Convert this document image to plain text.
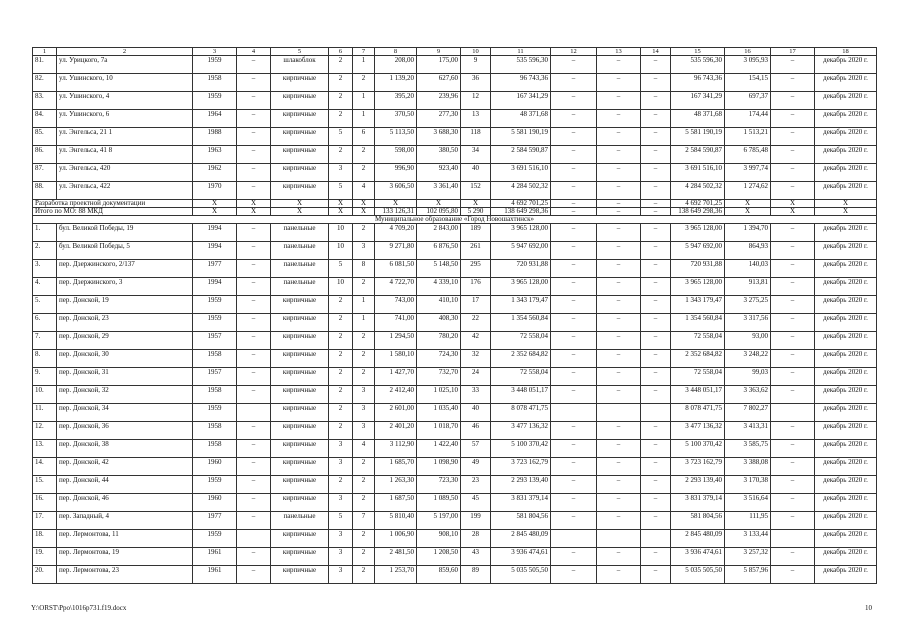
1	2	3	4	5	6	7	8	9	10	11	12	13	14	15	16	17	18
81.	ул. Урицкого, 7а	1959	–	шлакоблок	2	1	208,00	175,00	9	535 596,30	–	–	–	535 596,30	3 095,93	–	декабрь 2020 г.
82.	ул. Ушинского, 10	1958	–	кирпичные	2	2	1 139,20	627,60	36	96 743,36	–	–	–	96 743,36	154,15	–	декабрь 2020 г.
83.	ул. Ушинского, 4	1959	–	кирпичные	2	1	395,20	239,96	12	167 341,29	–	–	–	167 341,29	697,37	–	декабрь 2020 г.
84.	ул. Ушинского, 6	1964	–	кирпичные	2	1	370,50	277,30	13	48 371,68	–	–	–	48 371,68	174,44	–	декабрь 2020 г.
85.	ул. Энгельса, 21 1	1988	–	кирпичные	5	6	5 113,50	3 688,30	118	5 581 190,19	–	–	–	5 581 190,19	1 513,21	–	декабрь 2020 г.
86.	ул. Энгельса, 41 8	1963	–	кирпичные	2	2	598,00	380,50	34	2 584 590,87	–	–	–	2 584 590,87	6 785,48	–	декабрь 2020 г.
87.	ул. Энгельса, 420	1962	–	кирпичные	3	2	996,90	923,40	40	3 691 516,10	–	–	–	3 691 516,10	3 997,74	–	декабрь 2020 г.
88.	ул. Энгельса, 422	1970	–	кирпичные	5	4	3 606,50	3 361,40	152	4 284 502,32	–	–	–	4 284 502,32	1 274,62	–	декабрь 2020 г.
Разработка проектной документации		X	X	X	X	X	X	X	X	4 692 701,25	–	–	–	4 692 701,25	X	X	X
Итого по МО: 88 МКД		X	X	X	X	X	133 126,31	102 095,80	5 290	138 649 298,36	–	–	–	138 649 298,36	X	X	X
Муниципальное образование «Город Новошахтинск»																	
1.	бул. Великой Победы, 19	1994	–	панельные	10	2	4 709,20	2 843,00	189	3 965 128,00	–	–	–	3 965 128,00	1 394,70	–	декабрь 2020 г.
2.	бул. Великой Победы, 5	1994	–	панельные	10	3	9 271,80	6 876,50	261	5 947 692,00	–	–	–	5 947 692,00	864,93	–	декабрь 2020 г.
3.	пер. Дзержинского, 2/137	1977	–	панельные	5	8	6 081,50	5 148,50	295	720 931,88	–	–	–	720 931,88	140,03	–	декабрь 2020 г.
4.	пер. Дзержинского, 3	1994	–	панельные	10	2	4 722,70	4 339,10	176	3 965 128,00	–	–	–	3 965 128,00	913,81	–	декабрь 2020 г.
5.	пер. Донской, 19	1959	–	кирпичные	2	1	743,00	410,10	17	1 343 179,47	–	–	–	1 343 179,47	3 275,25	–	декабрь 2020 г.
6.	пер. Донской, 23	1959	–	кирпичные	2	1	741,00	408,30	22	1 354 560,84	–	–	–	1 354 560,84	3 317,56	–	декабрь 2020 г.
7.	пер. Донской, 29	1957	–	кирпичные	2	2	1 294,50	780,20	42	72 558,04	–	–	–	72 558,04	93,00	–	декабрь 2020 г.
8.	пер. Донской, 30	1958	–	кирпичные	2	2	1 580,10	724,30	32	2 352 684,82	–	–	–	2 352 684,82	3 248,22	–	декабрь 2020 г.
9.	пер. Донской, 31	1957	–	кирпичные	2	2	1 427,70	732,70	24	72 558,04	–	–	–	72 558,04	99,03	–	декабрь 2020 г.
10.	пер. Донской, 32	1958	–	кирпичные	2	3	2 412,40	1 025,10	33	3 448 051,17	–	–	–	3 448 051,17	3 363,62	–	декабрь 2020 г.
11.	пер. Донской, 34	1959		кирпичные	2	3	2 601,00	1 035,40	40	8 078 471,75				8 078 471,75	7 802,27		декабрь 2020 г.
12.	пер. Донской, 36	1958	–	кирпичные	2	3	2 401,20	1 018,70	46	3 477 136,32	–	–	–	3 477 136,32	3 413,31	–	декабрь 2020 г.
13.	пер. Донской, 38	1958	–	кирпичные	3	4	3 112,90	1 422,40	57	5 100 370,42	–	–	–	5 100 370,42	3 585,75	–	декабрь 2020 г.
14.	пер. Донской, 42	1960	–	кирпичные	3	2	1 685,70	1 098,90	49	3 723 162,79	–	–	–	3 723 162,79	3 388,08	–	декабрь 2020 г.
15.	пер. Донской, 44	1959	–	кирпичные	2	2	1 263,30	723,30	23	2 293 139,40	–	–	–	2 293 139,40	3 170,38	–	декабрь 2020 г.
16.	пер. Донской, 46	1960	–	кирпичные	3	2	1 687,50	1 089,50	45	3 831 379,14	–	–	–	3 831 379,14	3 516,64	–	декабрь 2020 г.
17.	пер. Западный, 4	1977	–	панельные	5	7	5 810,40	5 197,00	199	581 804,56	–	–	–	581 804,56	111,95	–	декабрь 2020 г.
18.	пер. Лермонтова, 11	1959		кирпичные	3	2	1 006,90	908,10	28	2 845 480,09				2 845 480,09	3 133,44		декабрь 2020 г.
19.	пер. Лермонтова, 19	1961	–	кирпичные	3	2	2 481,50	1 208,50	43	3 936 474,61	–	–	–	3 936 474,61	3 257,32	–	декабрь 2020 г.
20.	пер. Лермонтова, 23	1961	–	кирпичные	3	2	1 253,70	859,60	89	5 035 505,50	–	–	–	5 035 505,50	5 857,96	–	декабрь 2020 г.
Y:\ORST\Ppo\1016p731.f19.docx	10
